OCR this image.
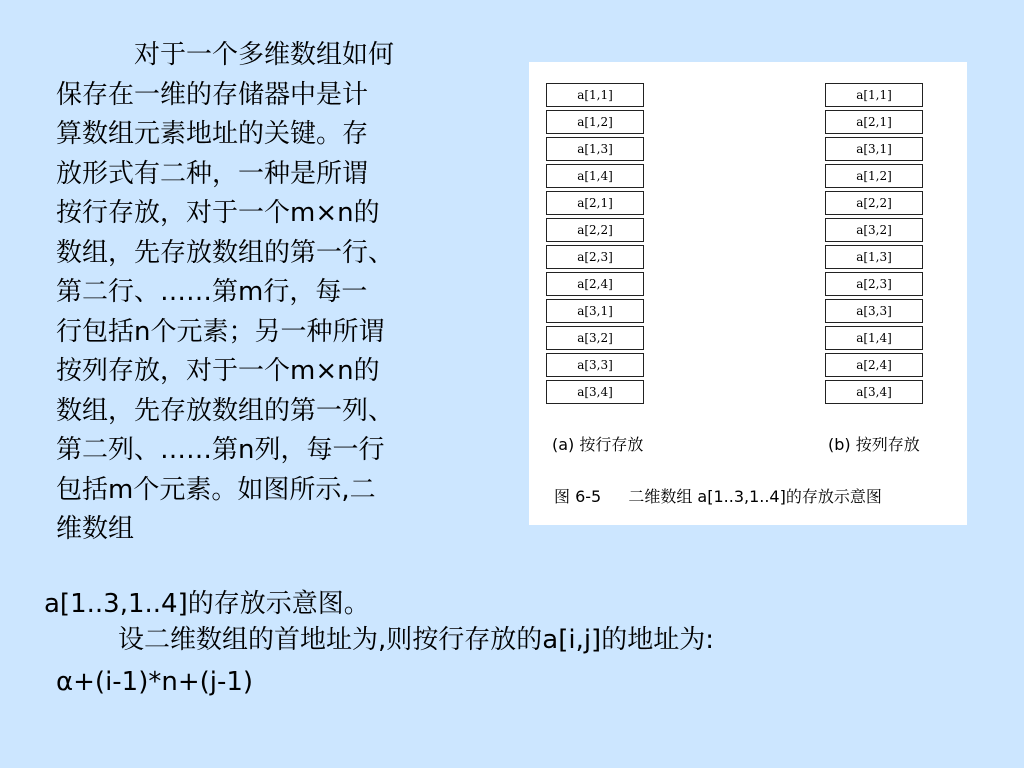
对于一个多维数组如何
保存在一维的存储器中是计
算数组元素地址的关键。存
放形式有二种，一种是所谓
按行存放，对于一个m×n的
数组，先存放数组的第一行、
第二行、……第m行，每一
行包括n个元素；另一种所谓
按列存放，对于一个m×n的
数组，先存放数组的第一列、
第二列、……第n列，每一行
包括m个元素。如图所示,二
维数组
a[1,1]
a[1,2]
a[1,3]
a[1,4]
a[2,1]
a[2,2]
a[2,3]
a[2,4]
a[3,1]
a[3,2]
a[3,3]
a[3,4]
a[1,1]
a[2,1]
a[3,1]
a[1,2]
a[2,2]
a[3,2]
a[1,3]
a[2,3]
a[3,3]
a[1,4]
a[2,4]
a[3,4]
(a) 按行存放	(b) 按列存放
图 6-5 二维数组 a[1..3,1..4]的存放示意图
a[1..3,1..4]的存放示意图。
设二维数组的首地址为,则按行存放的a[i,j]的地址为:
α+(i-1)*n+(j-1)
